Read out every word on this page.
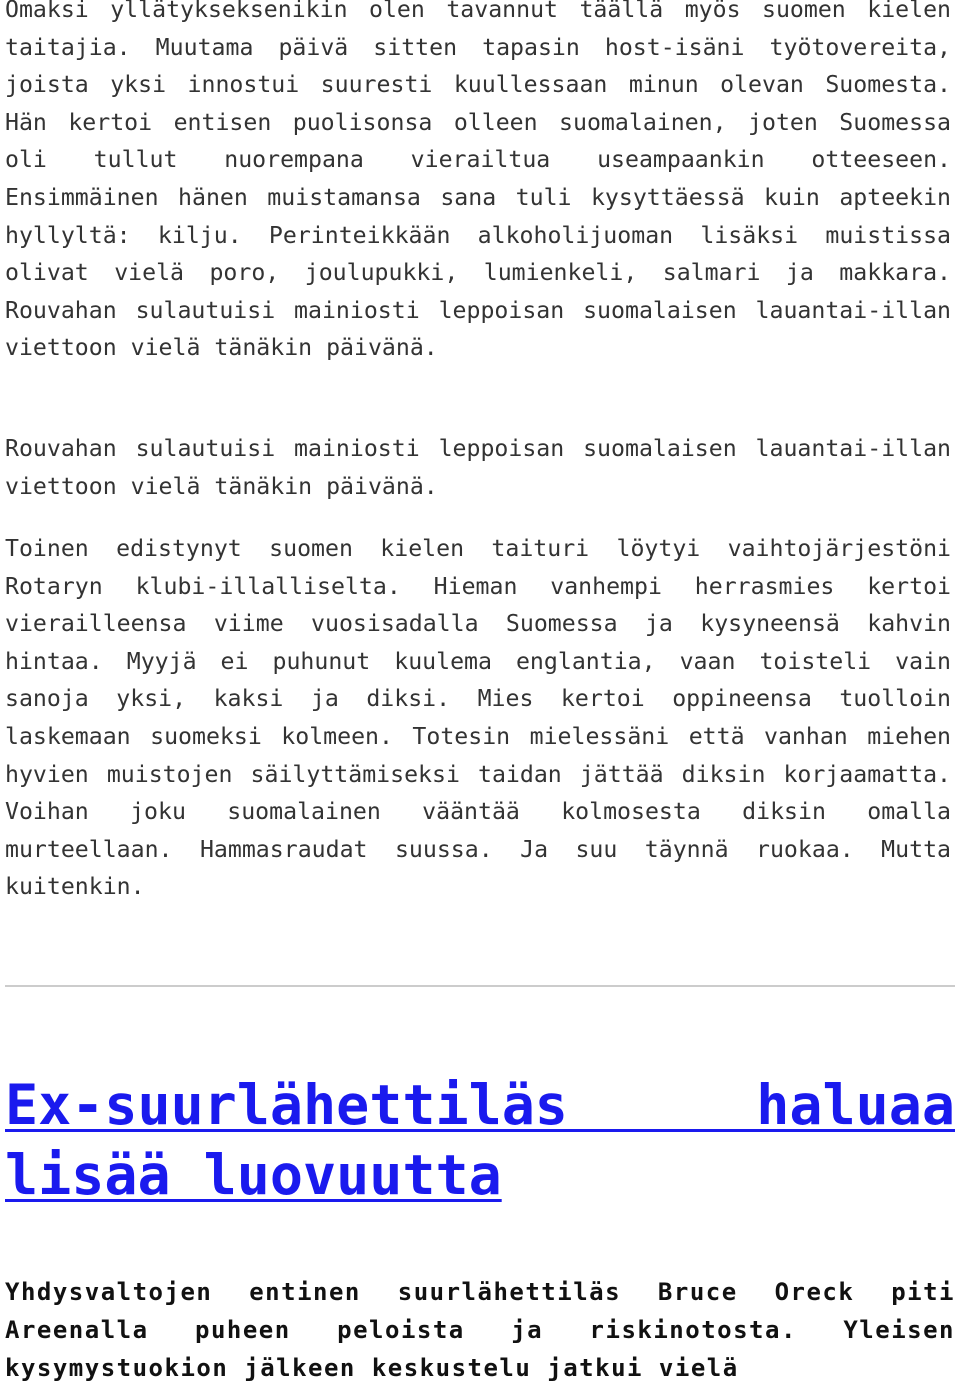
Omaksi yllätykseksenikin olen tavannut täällä myös suomen kielen taitajia. Muutama päivä sitten tapasin host-isäni työtovereita, joista yksi innostui suuresti kuullessaan minun olevan Suomesta. Hän kertoi entisen puolisonsa olleen suomalainen, joten Suomessa oli tullut nuorempana vierailtua useampaankin otteeseen. Ensimmäinen hänen muistamansa sana tuli kysyttäessä kuin apteekin hyllyltä: kilju. Perinteikkään alkoholijuoman lisäksi muistissa olivat vielä poro, joulupukki, lumienkeli, salmari ja makkara. Rouvahan sulautuisi mainiosti leppoisan suomalaisen lauantai-illan viettoon vielä tänäkin päivänä.

Rouvahan sulautuisi mainiosti leppoisan suomalaisen lauantai-illan viettoon vielä tänäkin päivänä.

Toinen edistynyt suomen kielen taituri löytyi vaihtojärjestöni Rotaryn klubi-illalliselta. Hieman vanhempi herrasmies kertoi vierailleensa viime vuosisadalla Suomessa ja kysyneensä kahvin hintaa. Myyjä ei puhunut kuulema englantia, vaan toisteli vain sanoja yksi, kaksi ja diksi. Mies kertoi oppineensa tuolloin laskemaan suomeksi kolmeen. Totesin mielessäni että vanhan miehen hyvien muistojen säilyttämiseksi taidan jättää diksin korjaamatta. Voihan joku suomalainen vääntää kolmosesta diksin omalla murteellaan. Hammasraudat suussa. Ja suu täynnä ruokaa. Mutta kuitenkin.

Ex-suurlähettiläs haluaa lisää luovuutta
Yhdysvaltojen entinen suurlähettiläs Bruce Oreck piti Areenalla puheen peloista ja riskinotosta. Yleisen kysymystuokion jälkeen keskustelu jatkui vielä
